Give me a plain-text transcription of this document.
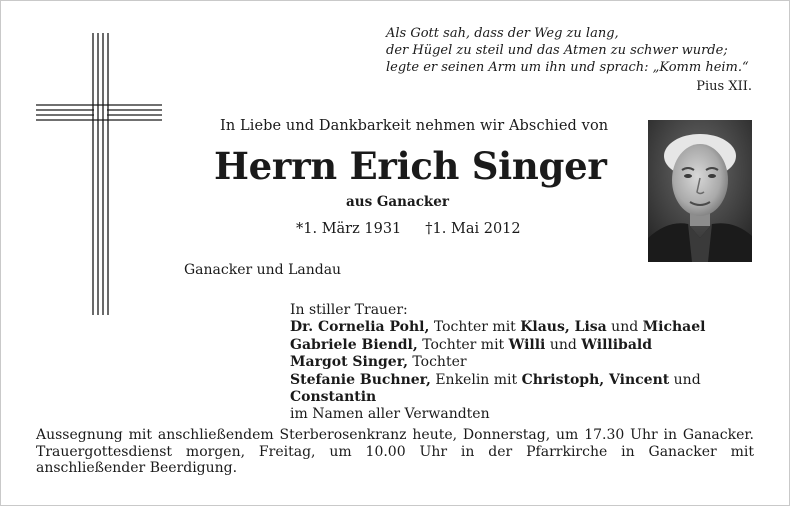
Als Gott sah, dass der Weg zu lang,
der Hügel zu steil und das Atmen zu schwer wurde;
legte er seinen Arm um ihn und sprach: „Komm heim.“
Pius XII.
In Liebe und Dankbarkeit nehmen wir Abschied von
Herrn Erich Singer
aus Ganacker
*1. März 1931 †1. Mai 2012
Ganacker und Landau
In stiller Trauer:
Dr. Cornelia Pohl, Tochter mit Klaus, Lisa und Michael
Gabriele Biendl, Tochter mit Willi und Willibald
Margot Singer, Tochter
Stefanie Buchner, Enkelin mit Christoph, Vincent und Constantin
im Namen aller Verwandten
Aussegnung mit anschließendem Sterberosenkranz heute, Donnerstag, um 17.30 Uhr in Ganacker.
Trauergottesdienst morgen, Freitag, um 10.00 Uhr in der Pfarrkirche in Ganacker mit anschließender Beerdigung.
